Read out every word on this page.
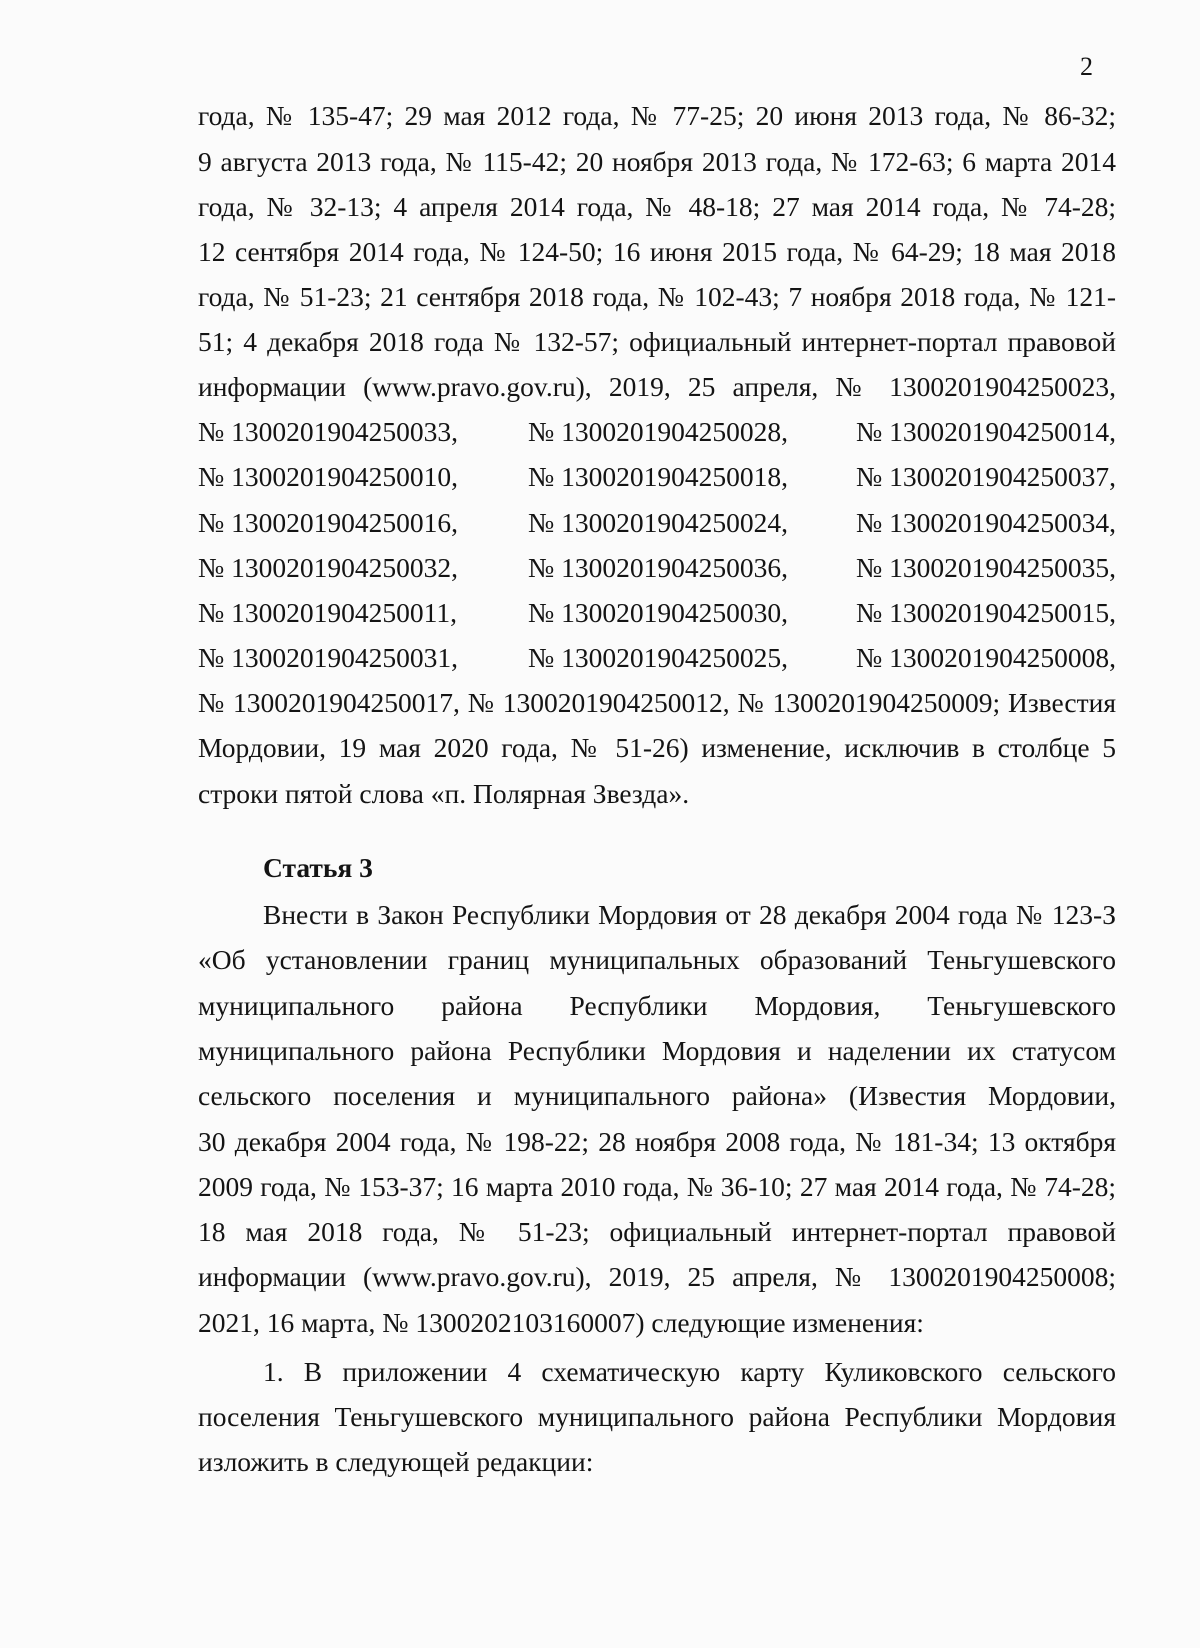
2
года, № 135-47; 29 мая 2012 года, № 77-25; 20 июня 2013 года, № 86-32;
9 августа 2013 года, № 115-42; 20 ноября 2013 года, № 172-63; 6 марта 2014
года, № 32-13; 4 апреля 2014 года, № 48-18; 27 мая 2014 года, № 74-28;
12 сентября 2014 года, № 124-50; 16 июня 2015 года, № 64-29; 18 мая 2018
года, № 51-23; 21 сентября 2018 года, № 102-43; 7 ноября 2018 года, № 121-
51; 4 декабря 2018 года № 132-57; официальный интернет-портал правовой
информации (www.pravo.gov.ru), 2019, 25 апреля, № 1300201904250023,
№ 1300201904250033,	№ 1300201904250028, № 1300201904250014,
№ 1300201904250010,	№ 1300201904250018, № 1300201904250037,
№ 1300201904250016,	№ 1300201904250024, № 1300201904250034,
№ 1300201904250032,	№ 1300201904250036, № 1300201904250035,
№ 1300201904250011,	№ 1300201904250030, № 1300201904250015,
№ 1300201904250031,	№ 1300201904250025, № 1300201904250008,
№ 1300201904250017, № 1300201904250012, № 1300201904250009; Известия
Мордовии, 19 мая 2020 года, № 51-26) изменение, исключив в столбце 5
строки пятой слова «п. Полярная Звезда».
Статья 3
Внести в Закон Республики Мордовия от 28 декабря 2004 года № 123-З
«Об установлении границ муниципальных образований Теньгушевского
муниципального района Республики Мордовия, Теньгушевского
муниципального района Республики Мордовия и наделении их статусом
сельского поселения и муниципального района» (Известия Мордовии,
30 декабря 2004 года, № 198-22; 28 ноября 2008 года, № 181-34; 13 октября
2009 года, № 153-37; 16 марта 2010 года, № 36-10; 27 мая 2014 года, № 74-28;
18 мая 2018 года, № 51-23; официальный интернет-портал правовой
информации (www.pravo.gov.ru), 2019, 25 апреля, № 1300201904250008;
2021, 16 марта, № 1300202103160007) следующие изменения:
1. В приложении 4 схематическую карту Куликовского сельского
поселения Теньгушевского муниципального района Республики Мордовия
изложить в следующей редакции:
